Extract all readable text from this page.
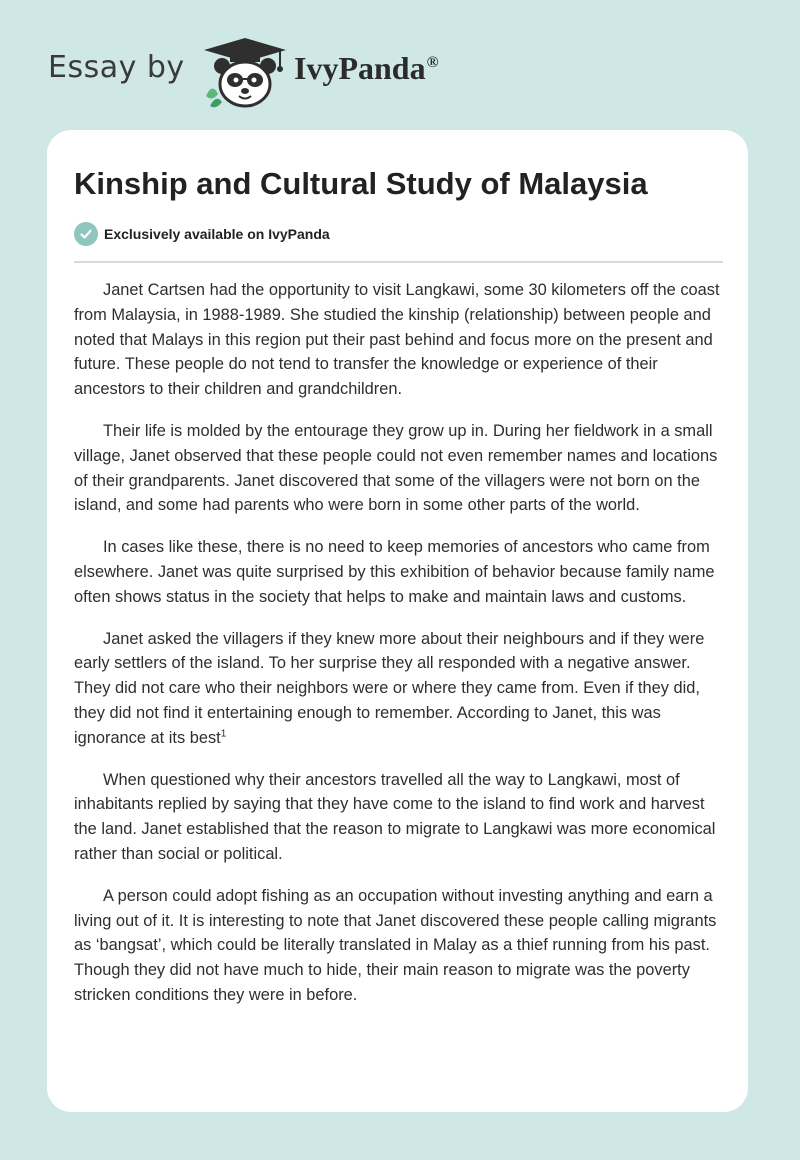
Essay by	IvyPanda®
Kinship and Cultural Study of Malaysia
Exclusively available on IvyPanda

Janet Cartsen had the opportunity to visit Langkawi, some 30 kilometers off the coast from Malaysia, in 1988-1989. She studied the kinship (relationship) between people and noted that Malays in this region put their past behind and focus more on the present and future. These people do not tend to transfer the knowledge or experience of their ancestors to their children and grandchildren.

Their life is molded by the entourage they grow up in. During her fieldwork in a small village, Janet observed that these people could not even remember names and locations of their grandparents. Janet discovered that some of the villagers were not born on the island, and some had parents who were born in some other parts of the world.

In cases like these, there is no need to keep memories of ancestors who came from elsewhere. Janet was quite surprised by this exhibition of behavior because family name often shows status in the society that helps to make and maintain laws and customs.

Janet asked the villagers if they knew more about their neighbours and if they were early settlers of the island. To her surprise they all responded with a negative answer. They did not care who their neighbors were or where they came from. Even if they did, they did not find it entertaining enough to remember. According to Janet, this was ignorance at its best$^1$

When questioned why their ancestors travelled all the way to Langkawi, most of inhabitants replied by saying that they have come to the island to find work and harvest the land. Janet established that the reason to migrate to Langkawi was more economical rather than social or political.

A person could adopt fishing as an occupation without investing anything and earn a living out of it. It is interesting to note that Janet discovered these people calling migrants as ‘bangsat’, which could be literally translated in Malay as a thief running from his past. Though they did not have much to hide, their main reason to migrate was the poverty stricken conditions they were in before.
